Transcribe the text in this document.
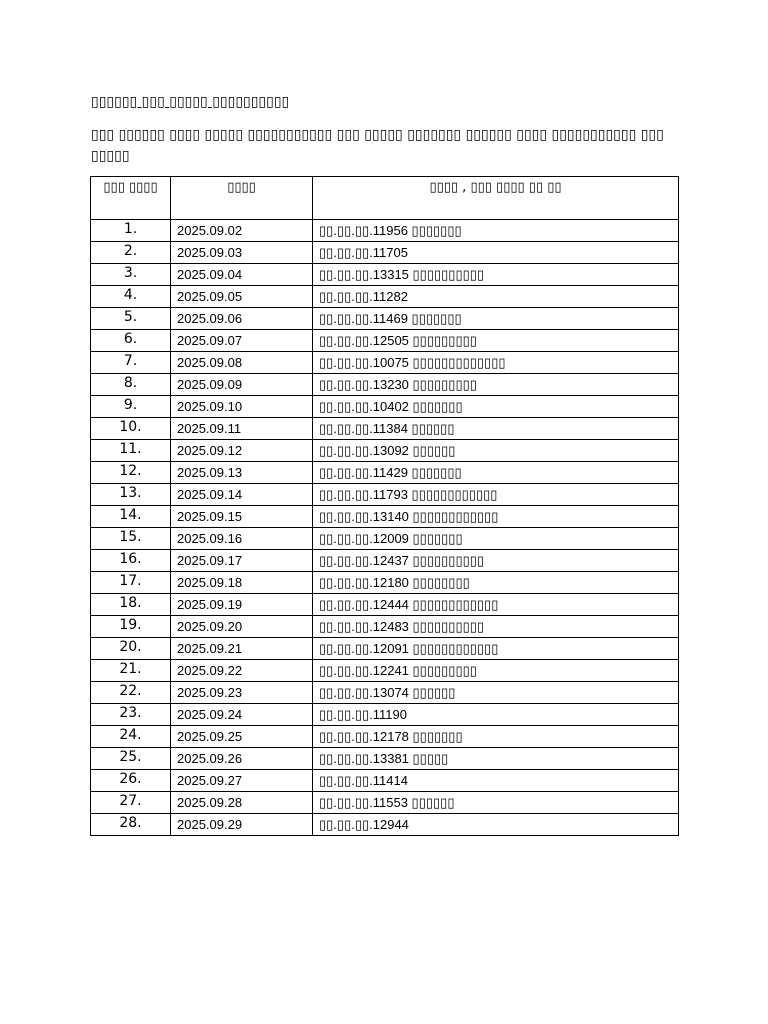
▯▯▯▯▯▯ ▯▯▯ ▯▯▯▯▯ ▯▯▯▯▯▯▯▯▯▯
▯▯▯ ▯▯▯▯▯▯ ▯▯▯▯ ▯▯▯▯▯ ▯▯▯▯▯▯▯▯▯▯▯ ▯▯▯ ▯▯▯▯▯ ▯▯▯▯▯▯▯ ▯▯▯▯▯▯ ▯▯▯▯ ▯▯▯▯▯▯▯▯▯▯▯ ▯▯▯ ▯▯▯▯▯
▯▯▯ ▯▯▯▯	▯▯▯▯	▯▯▯▯ , ▯▯▯ ▯▯▯▯ ▯▯ ▯▯
1.	2025.09.02	▯▯.▯▯.▯▯.11956 ▯▯▯▯▯▯▯
2.	2025.09.03	▯▯.▯▯.▯▯.11705
3.	2025.09.04	▯▯.▯▯.▯▯.13315 ▯▯▯▯▯▯▯▯▯▯
4.	2025.09.05	▯▯.▯▯.▯▯.11282
5.	2025.09.06	▯▯.▯▯.▯▯.11469 ▯▯▯▯▯▯▯
6.	2025.09.07	▯▯.▯▯.▯▯.12505 ▯▯▯▯▯▯▯▯▯
7.	2025.09.08	▯▯.▯▯.▯▯.10075 ▯▯▯▯▯▯▯▯▯▯▯▯▯
8.	2025.09.09	▯▯.▯▯.▯▯.13230 ▯▯▯▯▯▯▯▯▯
9.	2025.09.10	▯▯.▯▯.▯▯.10402 ▯▯▯▯▯▯▯
10.	2025.09.11	▯▯.▯▯.▯▯.11384 ▯▯▯▯▯▯
11.	2025.09.12	▯▯.▯▯.▯▯.13092 ▯▯▯▯▯▯
12.	2025.09.13	▯▯.▯▯.▯▯.11429 ▯▯▯▯▯▯▯
13.	2025.09.14	▯▯.▯▯.▯▯.11793 ▯▯▯▯▯▯▯▯▯▯▯▯
14.	2025.09.15	▯▯.▯▯.▯▯.13140 ▯▯▯▯▯▯▯▯▯▯▯▯
15.	2025.09.16	▯▯.▯▯.▯▯.12009 ▯▯▯▯▯▯▯
16.	2025.09.17	▯▯.▯▯.▯▯.12437 ▯▯▯▯▯▯▯▯▯▯
17.	2025.09.18	▯▯.▯▯.▯▯.12180 ▯▯▯▯▯▯▯▯
18.	2025.09.19	▯▯.▯▯.▯▯.12444 ▯▯▯▯▯▯▯▯▯▯▯▯
19.	2025.09.20	▯▯.▯▯.▯▯.12483 ▯▯▯▯▯▯▯▯▯▯
20.	2025.09.21	▯▯.▯▯.▯▯.12091 ▯▯▯▯▯▯▯▯▯▯▯▯
21.	2025.09.22	▯▯.▯▯.▯▯.12241 ▯▯▯▯▯▯▯▯▯
22.	2025.09.23	▯▯.▯▯.▯▯.13074 ▯▯▯▯▯▯
23.	2025.09.24	▯▯.▯▯.▯▯.11190
24.	2025.09.25	▯▯.▯▯.▯▯.12178 ▯▯▯▯▯▯▯
25.	2025.09.26	▯▯.▯▯.▯▯.13381 ▯▯▯▯▯
26.	2025.09.27	▯▯.▯▯.▯▯.11414
27.	2025.09.28	▯▯.▯▯.▯▯.11553 ▯▯▯▯▯▯
28.	2025.09.29	▯▯.▯▯.▯▯.12944
